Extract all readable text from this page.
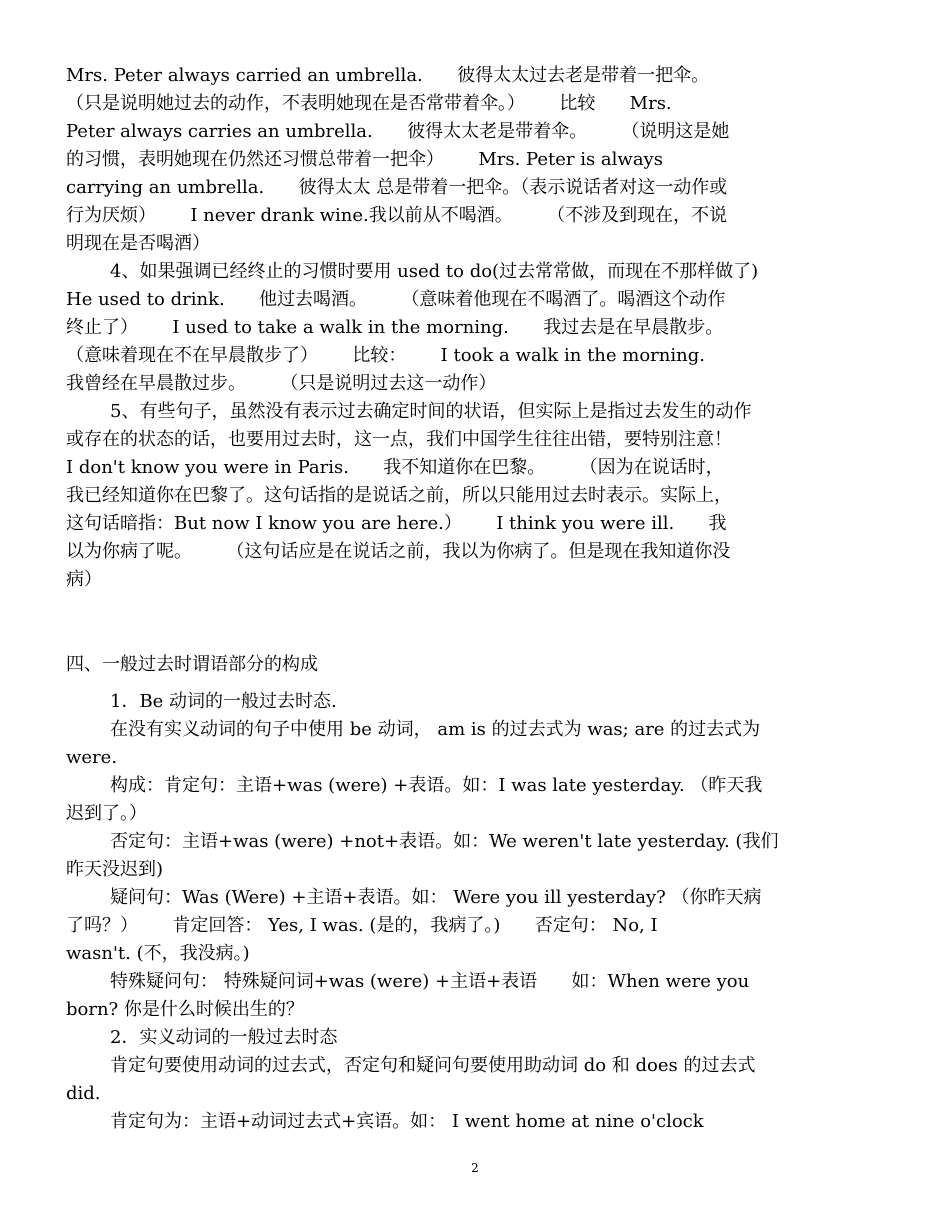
Mrs. Peter always carried an umbrella.      彼得太太过去老是带着一把伞。
（只是说明她过去的动作，不表明她现在是否常带着伞。）      比较      Mrs.
Peter always carries an umbrella.      彼得太太老是带着伞。      （说明这是她
的习惯，表明她现在仍然还习惯总带着一把伞）      Mrs. Peter is always
carrying an umbrella.      彼得太太 总是带着一把伞。（表示说话者对这一动作或
行为厌烦）      I never drank wine.我以前从不喝酒。      （不涉及到现在，不说
明现在是否喝酒）
4、如果强调已经终止的习惯时要用 used to do(过去常常做，而现在不那样做了)
He used to drink.      他过去喝酒。      （意味着他现在不喝酒了。喝酒这个动作
终止了）      I used to take a walk in the morning.      我过去是在早晨散步。
（意味着现在不在早晨散步了）      比较：      I took a walk in the morning.
我曾经在早晨散过步。      （只是说明过去这一动作）
5、有些句子，虽然没有表示过去确定时间的状语，但实际上是指过去发生的动作
或存在的状态的话，也要用过去时，这一点，我们中国学生往往出错，要特别注意！
I don't know you were in Paris.      我不知道你在巴黎。      （因为在说话时，
我已经知道你在巴黎了。这句话指的是说话之前，所以只能用过去时表示。实际上，
这句话暗指：But now I know you are here.）      I think you were ill.      我
以为你病了呢。      （这句话应是在说话之前，我以为你病了。但是现在我知道你没
病）
四、一般过去时谓语部分的构成
1．Be 动词的一般过去时态.
在没有实义动词的句子中使用 be 动词， am is 的过去式为 was; are 的过去式为
were.
构成：肯定句：主语+was (were) +表语。如：I was late yesterday. （昨天我
迟到了。）
否定句：主语+was (were) +not+表语。如：We weren't late yesterday. (我们
昨天没迟到)
疑问句：Was (Were) +主语+表语。如： Were you ill yesterday? （你昨天病
了吗？）      肯定回答： Yes, I was. (是的，我病了。)      否定句： No, I
wasn't. (不，我没病。)
特殊疑问句： 特殊疑问词+was (were) +主语+表语      如：When were you
born? 你是什么时候出生的？
2．实义动词的一般过去时态
肯定句要使用动词的过去式，否定句和疑问句要使用助动词 do 和 does 的过去式
did.
肯定句为：主语+动词过去式+宾语。如： I went home at nine o'clock
2
